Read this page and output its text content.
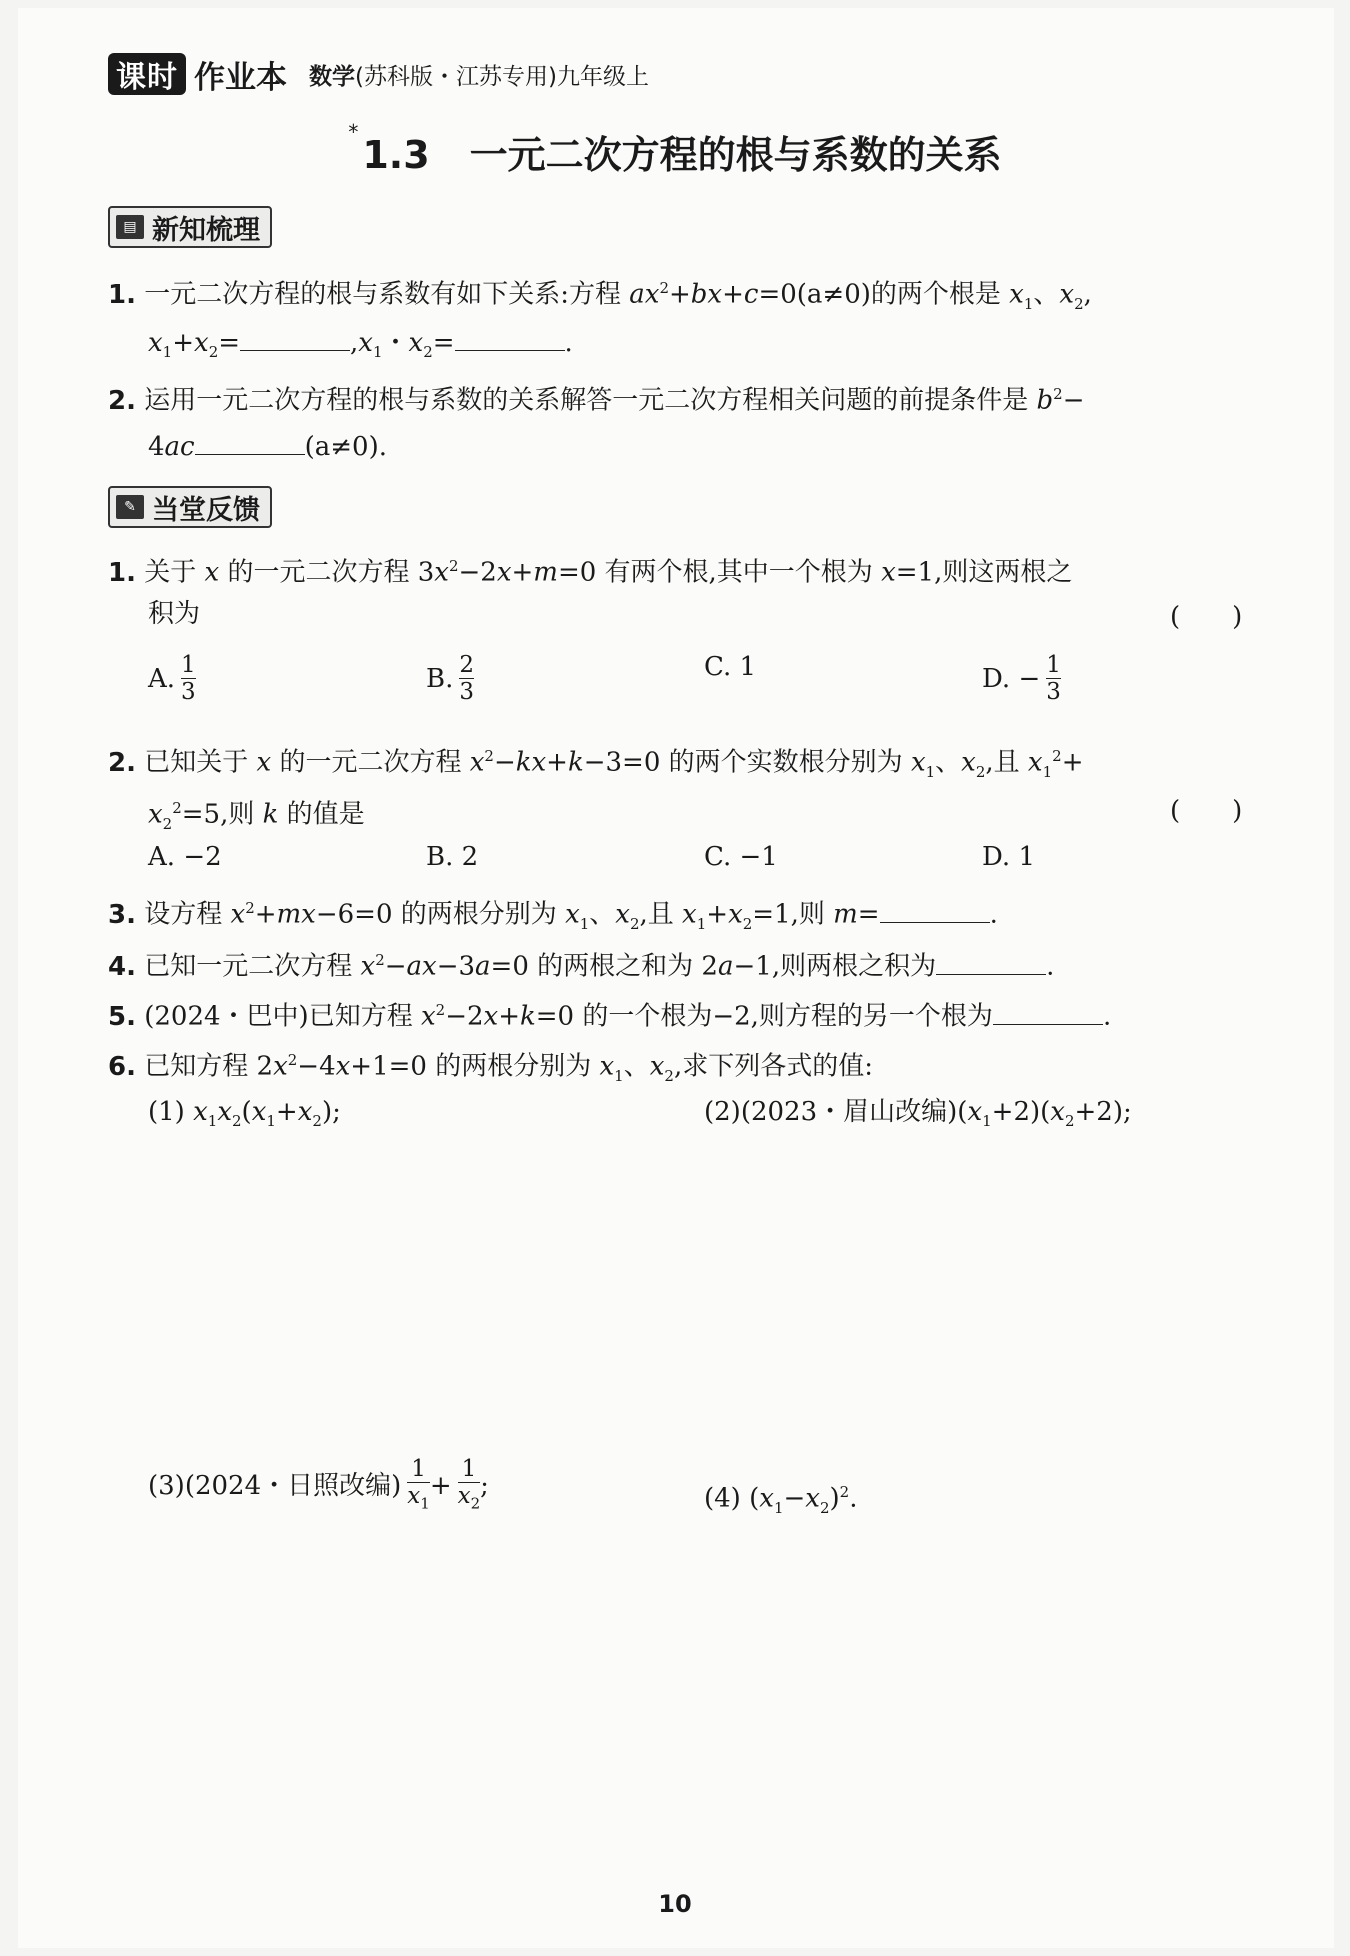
课时 作业本 数学(苏科版・江苏专用)九年级上
*1.3 一元二次方程的根与系数的关系
▤ 新知梳理
1. 一元二次方程的根与系数有如下关系:方程 $ax^2+bx+c=0(a\ne 0)$的两个根是 $x_1$、$x_2$,
$x_1+x_2=$	$,x_1$・$x_2=$	.
2. 运用一元二次方程的根与系数的关系解答一元二次方程相关问题的前提条件是 $b^2-$
4ac	(a≠0).
✎ 当堂反馈
1. 关于 x 的一元二次方程 $3x^2-2x+m=0$ 有两个根,其中一个根为 x=1,则这两根之
积为	(　　)
A. $\frac{1}{3}$	B. $\frac{2}{3}$	C.
1	D.
− $\frac{1}{3}$
2. 已知关于 x 的一元二次方程 $x^2-kx+k-3=0$ 的两个实数根分别为 $x_1$、$x_2$,且 $x_1^2+$
$x_2^2=5$,则 k 的值是	(　　)
A.
−2	B.
2	C.
−1	D.
1
3. 设方程 $x^2+mx-6=0$ 的两根分别为 $x_1$、$x_2$,且 $x_1+x_2=1$,则 m=	.
4. 已知一元二次方程 $x^2-ax-3a=0$ 的两根之和为 2a−1,则两根之积为	.
5. (2024・巴中)已知方程 $x^2-2x+k=0$ 的一个根为−2,则方程的另一个根为	.
6. 已知方程 $2x^2-4x+1=0$ 的两根分别为 $x_1$、$x_2$,求下列各式的值:
(1) $x_1x_2(x_1+x_2)$;	(2)(2023・眉山改编)$(x_1+2)(x_2+2)$;
(3)(2024・日照改编) $\frac{1}{x_1} + \frac{1}{x_2}$ ;	(4) $(x_1-x_2)^2$.
10
